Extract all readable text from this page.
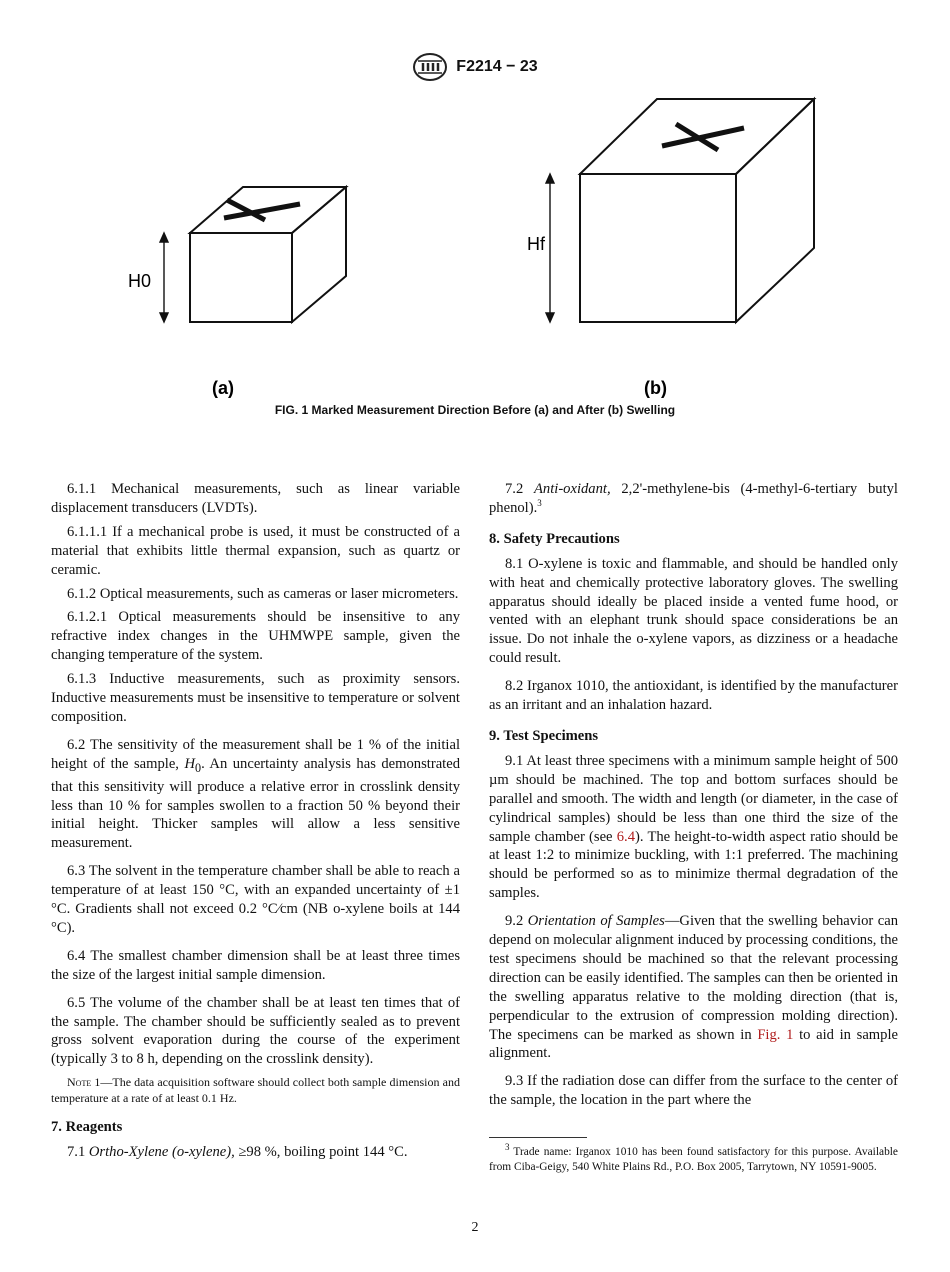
F2214 − 23
H0
(a)
Hf
(b)
FIG. 1 Marked Measurement Direction Before (a) and After (b) Swelling

6.1.1 Mechanical measurements, such as linear variable displacement transducers (LVDTs).

6.1.1.1 If a mechanical probe is used, it must be constructed of a material that exhibits little thermal expansion, such as quartz or ceramic.

6.1.2 Optical measurements, such as cameras or laser micrometers.

6.1.2.1 Optical measurements should be insensitive to any refractive index changes in the UHMWPE sample, given the changing temperature of the system.

6.1.3 Inductive measurements, such as proximity sensors. Inductive measurements must be insensitive to temperature or solvent composition.

6.2 The sensitivity of the measurement shall be 1 % of the initial height of the sample, $H_0$. An uncertainty analysis has demonstrated that this sensitivity will produce a relative error in crosslink density less than 10 % for samples swollen to a fraction 50 % beyond their initial height. Thicker samples will allow a less sensitive measurement.

6.3 The solvent in the temperature chamber shall be able to reach a temperature of at least 150 °C, with an expanded uncertainty of ±1 °C. Gradients shall not exceed 0.2 °C⁄cm (NB o-xylene boils at 144 °C).

6.4 The smallest chamber dimension shall be at least three times the size of the largest initial sample dimension.

6.5 The volume of the chamber shall be at least ten times that of the sample. The chamber should be sufficiently sealed as to prevent gross solvent evaporation during the course of the experiment (typically 3 to 8 h, depending on the crosslink density).

Note 1—The data acquisition software should collect both sample dimension and temperature at a rate of at least 0.1 Hz.

7. Reagents

7.1 Ortho-Xylene (o-xylene), ≥98 %, boiling point 144 °C.

7.2 Anti-oxidant, 2,2'-methylene-bis (4-methyl-6-tertiary butyl phenol).$^3$

8. Safety Precautions

8.1 O-xylene is toxic and flammable, and should be handled only with heat and chemically protective laboratory gloves. The swelling apparatus should ideally be placed inside a vented fume hood, or vented with an elephant trunk should space considerations be an issue. Do not inhale the o-xylene vapors, as dizziness or a headache could result.

8.2 Irganox 1010, the antioxidant, is identified by the manufacturer as an irritant and an inhalation hazard.

9. Test Specimens

9.1 At least three specimens with a minimum sample height of 500 µm should be machined. The top and bottom surfaces should be parallel and smooth. The width and length (or diameter, in the case of cylindrical samples) should be less than one third the size of the sample chamber (see 6.4). The height-to-width aspect ratio should be at least 1:2 to minimize buckling, with 1:1 preferred. The machining should be performed so as to minimize thermal degradation of the samples.

9.2 Orientation of Samples—Given that the swelling behavior can depend on molecular alignment induced by processing conditions, the test specimens should be machined so that the relevant processing direction can be easily identified. The samples can then be oriented in the swelling apparatus relative to the molding direction (that is, perpendicular to the extrusion of compression molding direction). The specimens can be marked as shown in Fig. 1 to aid in sample alignment.

9.3 If the radiation dose can differ from the surface to the center of the sample, the location in the part where the

$^3$ Trade name: Irganox 1010 has been found satisfactory for this purpose. Available from Ciba-Geigy, 540 White Plains Rd., P.O. Box 2005, Tarrytown, NY 10591-9005.

2
